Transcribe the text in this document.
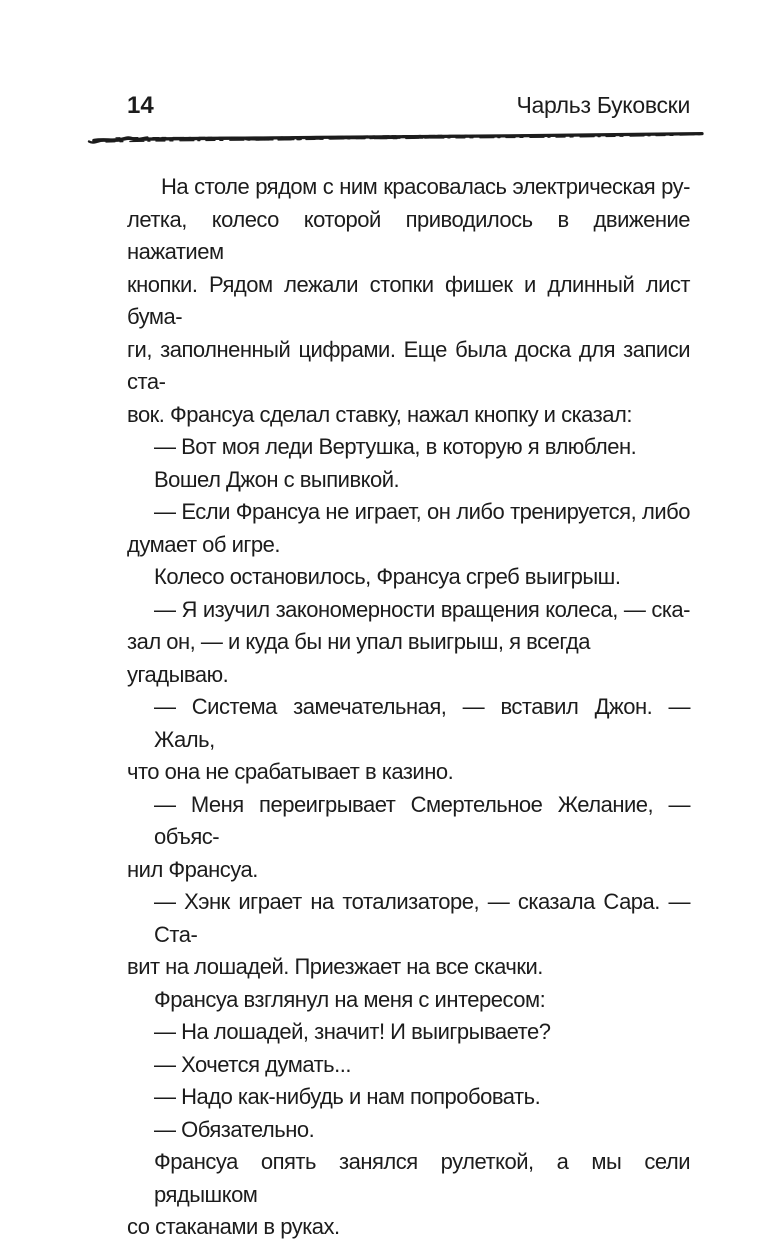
14	Чарльз Буковски
На столе рядом с ним красовалась электрическая ру-
летка, колесо которой приводилось в движение нажатием
кнопки. Рядом лежали стопки фишек и длинный лист бума-
ги, заполненный цифрами. Еще была доска для записи ста-
вок. Франсуа сделал ставку, нажал кнопку и сказал:
— Вот моя леди Вертушка, в которую я влюблен.
Вошел Джон с выпивкой.
— Если Франсуа не играет, он либо тренируется, либо
думает об игре.
Колесо остановилось, Франсуа сгреб выигрыш.
— Я изучил закономерности вращения колеса, — ска-
зал он, — и куда бы ни упал выигрыш, я всегда угадываю.
— Система замечательная, — вставил Джон. — Жаль,
что она не срабатывает в казино.
— Меня переигрывает Смертельное Желание, — объяс-
нил Франсуа.
— Хэнк играет на тотализаторе, — сказала Сара. — Ста-
вит на лошадей. Приезжает на все скачки.
Франсуа взглянул на меня с интересом:
— На лошадей, значит! И выигрываете?
— Хочется думать...
— Надо как-нибудь и нам попробовать.
— Обязательно.
Франсуа опять занялся рулеткой, а мы сели рядышком
со стаканами в руках.
